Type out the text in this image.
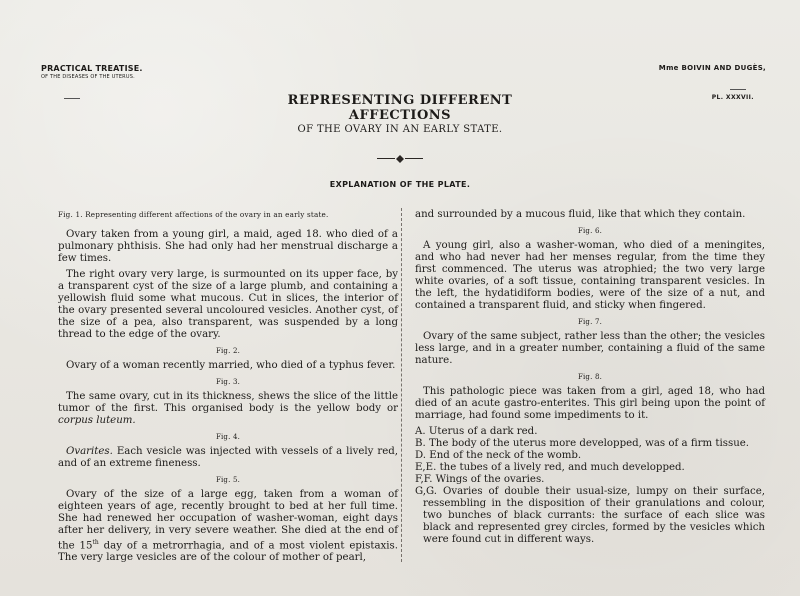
PRACTICAL TREATISE.
OF THE DISEASES OF THE UTERUS.
REPRESENTING DIFFERENT AFFECTIONS
OF THE OVARY IN AN EARLY STATE.
Mme BOIVIN AND DUGÈS,
PL. XXXVII.
EXPLANATION OF THE PLATE.
Fig. 1. Representing different affections of the ovary in an early state.

Ovary taken from a young girl, a maid, aged 18. who died of a pulmonary phthisis. She had only had her menstrual discharge a few times.

The right ovary very large, is surmounted on its upper face, by a transparent cyst of the size of a large plumb, and containing a yellowish fluid some what mucous. Cut in slices, the interior of the ovary presented several uncoloured vesicles. Another cyst, of the size of a pea, also transparent, was suspended by a long thread to the edge of the ovary.

Fig. 2.

Ovary of a woman recently married, who died of a typhus fever.

Fig. 3.

The same ovary, cut in its thickness, shews the slice of the little tumor of the first. This organised body is the yellow body or corpus luteum.

Fig. 4.

Ovarites. Each vesicle was injected with vessels of a lively red, and of an extreme fineness.

Fig. 5.

Ovary of the size of a large egg, taken from a woman of eighteen years of age, recently brought to bed at her full time. She had renewed her occupation of washer-woman, eight days after her delivery, in very severe weather. She died at the end of the 15th day of a metrorrhagia, and of a most violent epistaxis. The very large vesicles are of the colour of mother of pearl,

and surrounded by a mucous fluid, like that which they contain.

Fig. 6.

A young girl, also a washer-woman, who died of a meningites, and who had never had her menses regular, from the time they first commenced. The uterus was atrophied; the two very large white ovaries, of a soft tissue, containing transparent vesicles. In the left, the hydatidiform bodies, were of the size of a nut, and contained a transparent fluid, and sticky when fingered.

Fig. 7.

Ovary of the same subject, rather less than the other; the vesicles less large, and in a greater number, containing a fluid of the same nature.

Fig. 8.

This pathologic piece was taken from a girl, aged 18, who had died of an acute gastro-enterites. This girl being upon the point of marriage, had found some impediments to it.

A. Uterus of a dark red.
B. The body of the uterus more developped, was of a firm tissue.
D. End of the neck of the womb.
E,E. the tubes of a lively red, and much developped.
F,F. Wings of the ovaries.
G,G. Ovaries of double their usual-size, lumpy on their surface, ressembling in the disposition of their granulations and colour, two bunches of black currants: the surface of each slice was black and represented grey circles, formed by the vesicles which were found cut in different ways.
